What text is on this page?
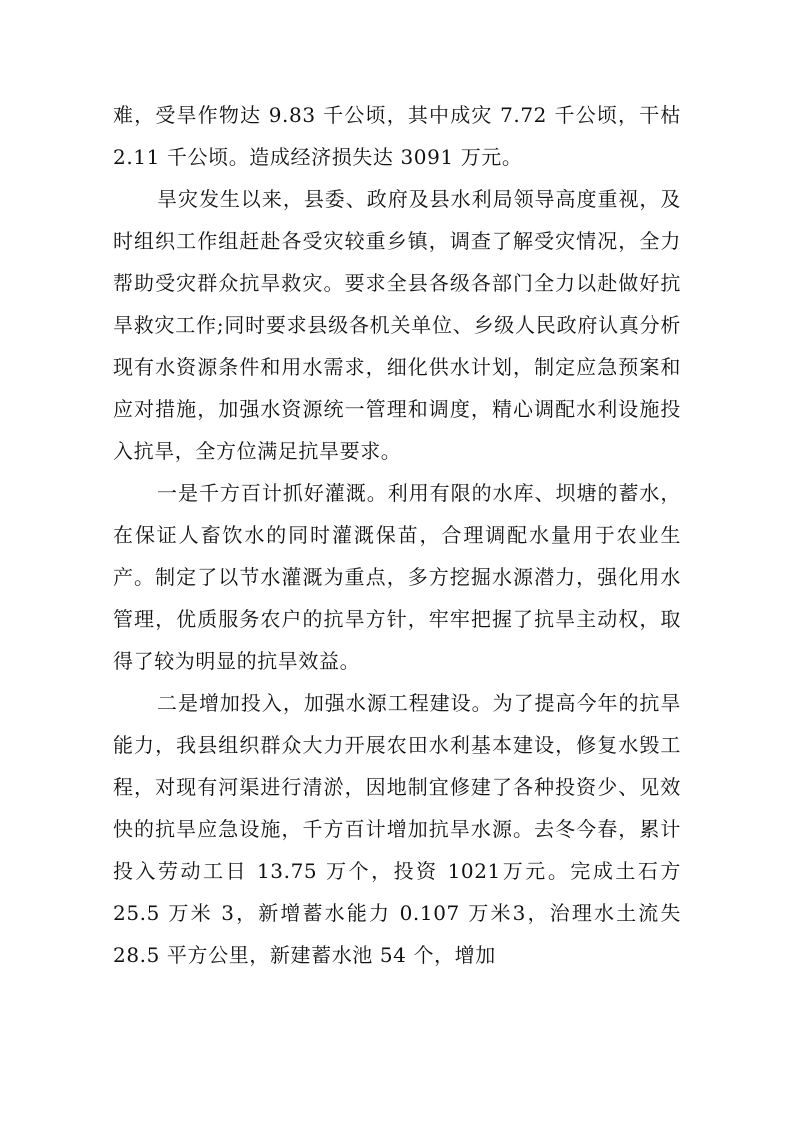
难，受旱作物达 9.83 千公顷，其中成灾 7.72 千公顷，干枯 2.11 千公顷。造成经济损失达 3091 万元。

旱灾发生以来，县委、政府及县水利局领导高度重视，及时组织工作组赶赴各受灾较重乡镇，调查了解受灾情况，全力帮助受灾群众抗旱救灾。要求全县各级各部门全力以赴做好抗旱救灾工作;同时要求县级各机关单位、乡级人民政府认真分析现有水资源条件和用水需求，细化供水计划，制定应急预案和应对措施，加强水资源统一管理和调度，精心调配水利设施投入抗旱，全方位满足抗旱要求。

一是千方百计抓好灌溉。利用有限的水库、坝塘的蓄水，在保证人畜饮水的同时灌溉保苗，合理调配水量用于农业生产。制定了以节水灌溉为重点，多方挖掘水源潜力，强化用水管理，优质服务农户的抗旱方针，牢牢把握了抗旱主动权，取得了较为明显的抗旱效益。

二是增加投入，加强水源工程建设。为了提高今年的抗旱能力，我县组织群众大力开展农田水利基本建设，修复水毁工程，对现有河渠进行清淤，因地制宜修建了各种投资少、见效快的抗旱应急设施，千方百计增加抗旱水源。去冬今春，累计投入劳动工日 13.75 万个，投资 1021万元。完成土石方 25.5 万米 3，新增蓄水能力 0.107 万米3，治理水土流失 28.5 平方公里，新建蓄水池 54 个，增加
